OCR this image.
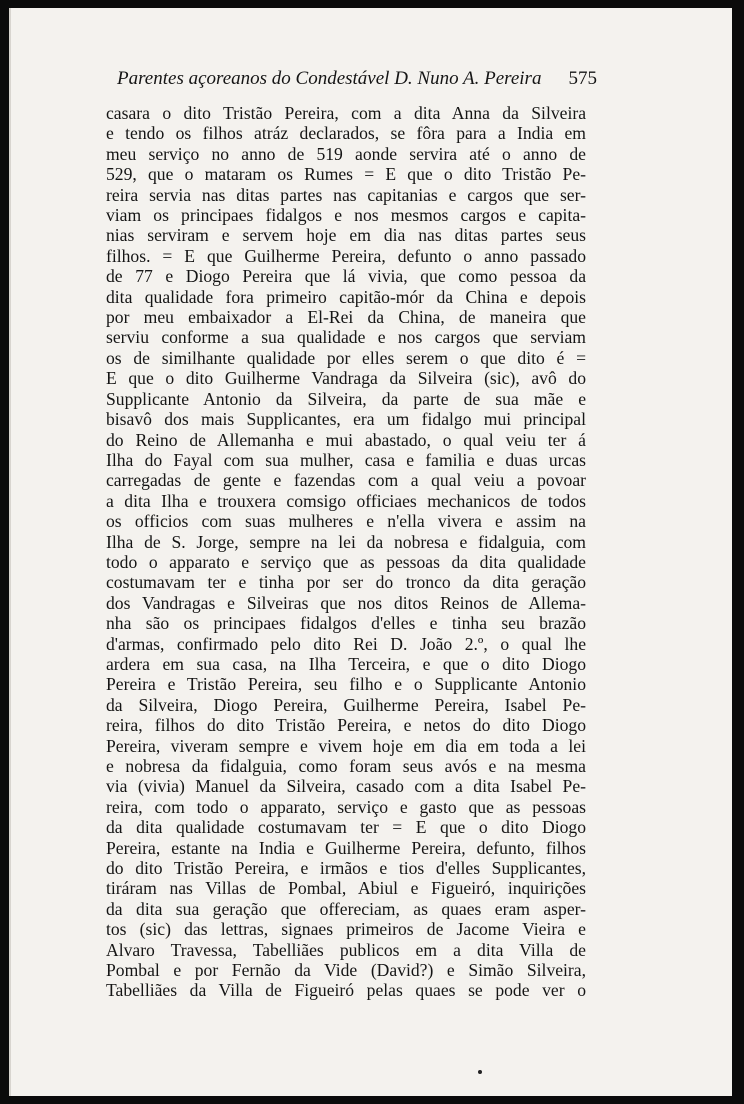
Parentes açoreanos do Condestável D. Nuno A. Pereira 575
casara o dito Tristão Pereira, com a dita Anna da Silveira
e tendo os filhos atráz declarados, se fôra para a India em
meu serviço no anno de 519 aonde servira até o anno de
529, que o mataram os Rumes = E que o dito Tristão Pe-
reira servia nas ditas partes nas capitanias e cargos que ser-
viam os principaes fidalgos e nos mesmos cargos e capita-
nias serviram e servem hoje em dia nas ditas partes seus
filhos. = E que Guilherme Pereira, defunto o anno passado
de 77 e Diogo Pereira que lá vivia, que como pessoa da
dita qualidade fora primeiro capitão-mór da China e depois
por meu embaixador a El-Rei da China, de maneira que
serviu conforme a sua qualidade e nos cargos que serviam
os de similhante qualidade por elles serem o que dito é =
E que o dito Guilherme Vandraga da Silveira (sic), avô do
Supplicante Antonio da Silveira, da parte de sua mãe e
bisavô dos mais Supplicantes, era um fidalgo mui principal
do Reino de Allemanha e mui abastado, o qual veiu ter á
Ilha do Fayal com sua mulher, casa e familia e duas urcas
carregadas de gente e fazendas com a qual veiu a povoar
a dita Ilha e trouxera comsigo officiaes mechanicos de todos
os officios com suas mulheres e n'ella vivera e assim na
Ilha de S. Jorge, sempre na lei da nobresa e fidalguia, com
todo o apparato e serviço que as pessoas da dita qualidade
costumavam ter e tinha por ser do tronco da dita geração
dos Vandragas e Silveiras que nos ditos Reinos de Allema-
nha são os principaes fidalgos d'elles e tinha seu brazão
d'armas, confirmado pelo dito Rei D. João 2.º, o qual lhe
ardera em sua casa, na Ilha Terceira, e que o dito Diogo
Pereira e Tristão Pereira, seu filho e o Supplicante Antonio
da Silveira, Diogo Pereira, Guilherme Pereira, Isabel Pe-
reira, filhos do dito Tristão Pereira, e netos do dito Diogo
Pereira, viveram sempre e vivem hoje em dia em toda a lei
e nobresa da fidalguia, como foram seus avós e na mesma
via (vivia) Manuel da Silveira, casado com a dita Isabel Pe-
reira, com todo o apparato, serviço e gasto que as pessoas
da dita qualidade costumavam ter = E que o dito Diogo
Pereira, estante na India e Guilherme Pereira, defunto, filhos
do dito Tristão Pereira, e irmãos e tios d'elles Supplicantes,
tiráram nas Villas de Pombal, Abiul e Figueiró, inquirições
da dita sua geração que offereciam, as quaes eram asper-
tos (sic) das lettras, signaes primeiros de Jacome Vieira e
Alvaro Travessa, Tabelliães publicos em a dita Villa de
Pombal e por Fernão da Vide (David?) e Simão Silveira,
Tabelliães da Villa de Figueiró pelas quaes se pode ver o
